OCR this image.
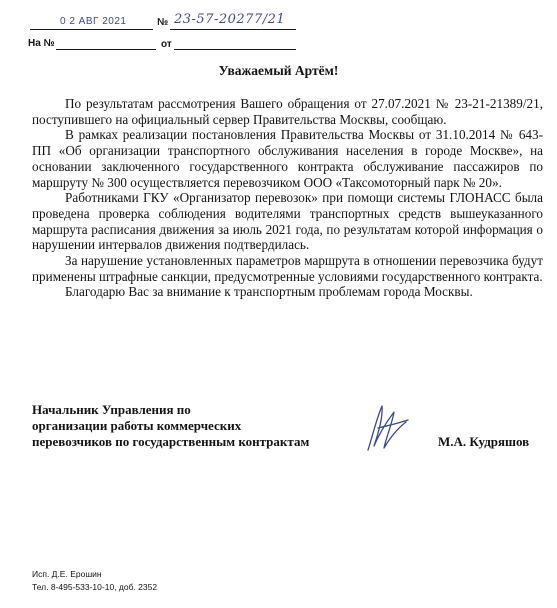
0 2 АВГ 2021	№ 23-57-20277/21
На №	от
Уважаемый Артём!

По результатам рассмотрения Вашего обращения от 27.07.2021 № 23-21-21389/21, поступившего на официальный сервер Правительства Москвы, сообщаю.

В рамках реализации постановления Правительства Москвы от 31.10.2014 № 643-ПП «Об организации транспортного обслуживания населения в городе Москве», на основании заключенного государственного контракта обслуживание пассажиров по маршруту № 300 осуществляется перевозчиком ООО «Таксомоторный парк № 20».

Работниками ГКУ «Организатор перевозок» при помощи системы ГЛОНАСС была проведена проверка соблюдения водителями транспортных средств вышеуказанного маршрута расписания движения за июль 2021 года, по результатам которой информация о нарушении интервалов движения подтвердилась.

За нарушение установленных параметров маршрута в отношении перевозчика будут применены штрафные санкции, предусмотренные условиями государственного контракта.

Благодарю Вас за внимание к транспортным проблемам города Москвы.

Начальник Управления по
организации работы коммерческих
перевозчиков по государственным контрактам	М.А. Кудряшов
Исп. Д.Е. Ерошин
Тел. 8-495-533-10-10, доб. 2352
